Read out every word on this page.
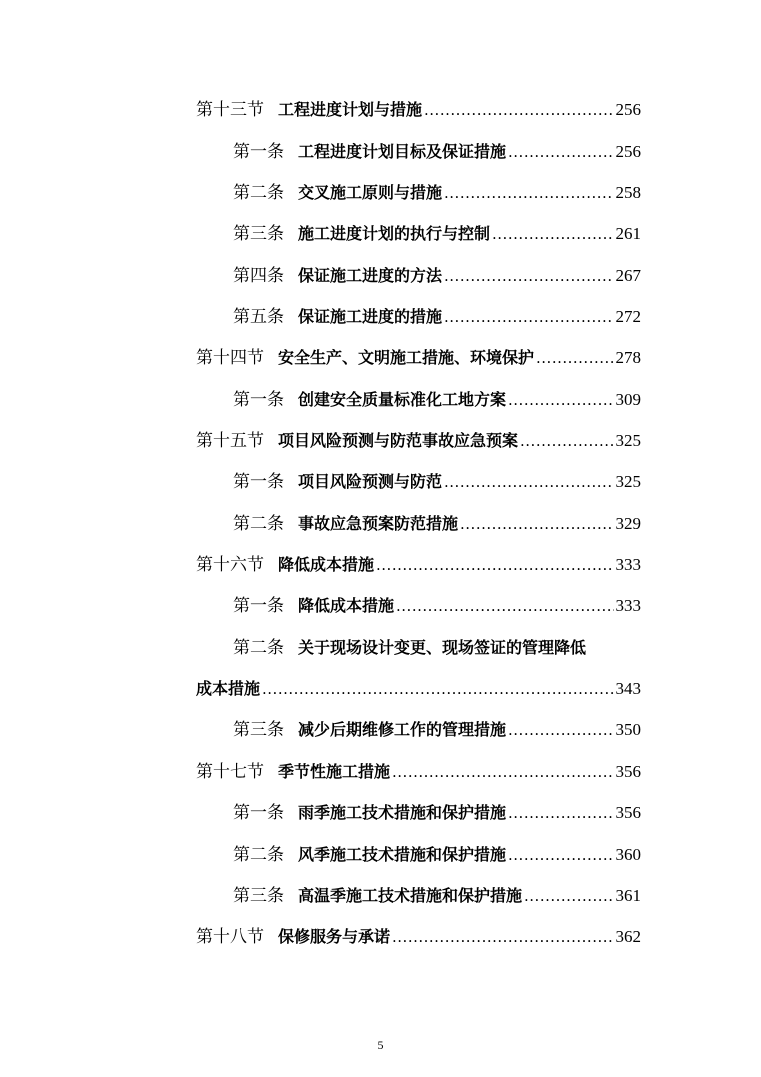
第十三节 工程进度计划与措施 .....	256
第一条 工程进度计划目标及保证措施 .....	256
第二条 交叉施工原则与措施 .....	258
第三条 施工进度计划的执行与控制 .....	261
第四条 保证施工进度的方法 .....	267
第五条 保证施工进度的措施 .....	272
第十四节 安全生产、文明施工措施、环境保护 .....	278
第一条 创建安全质量标准化工地方案 .....	309
第十五节 项目风险预测与防范事故应急预案 .....	325
第一条 项目风险预测与防范 .....	325
第二条 事故应急预案防范措施 .....	329
第十六节 降低成本措施 .....	333
第一条 降低成本措施 .....	333
第二条 关于现场设计变更、现场签证的管理降低
成本措施 .....	343
第三条 减少后期维修工作的管理措施 .....	350
第十七节 季节性施工措施 .....	356
第一条 雨季施工技术措施和保护措施 .....	356
第二条 风季施工技术措施和保护措施 .....	360
第三条 高温季施工技术措施和保护措施 .....	361
第十八节 保修服务与承诺 .....	362
5
